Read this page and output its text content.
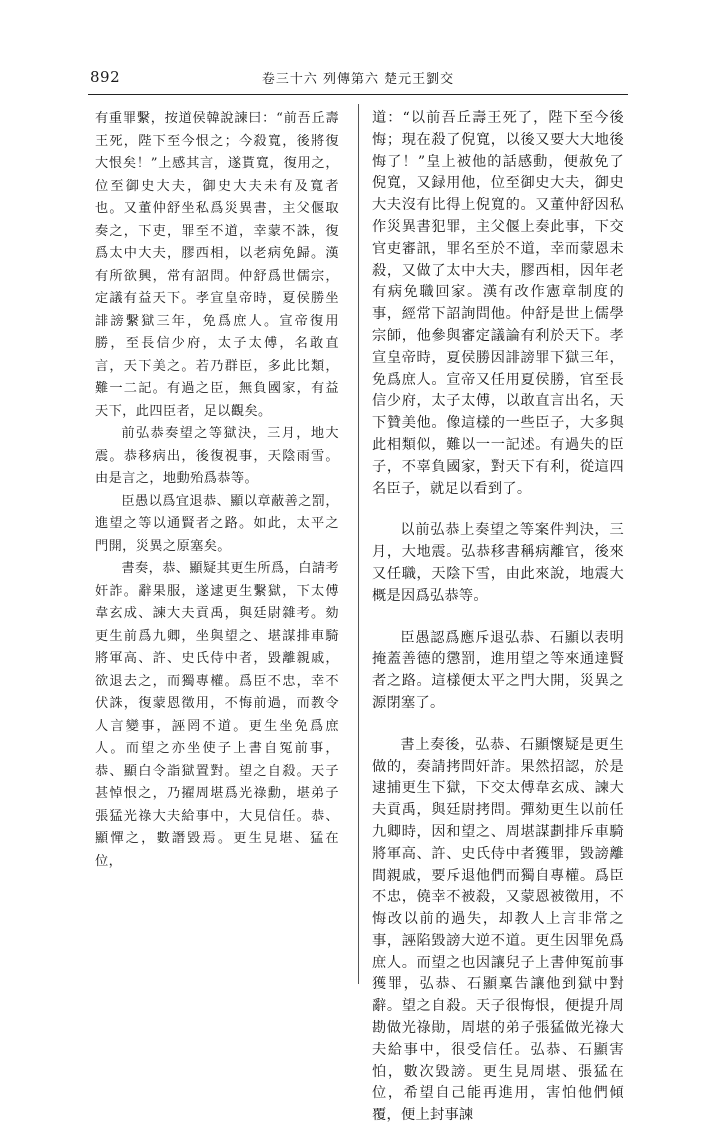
892	卷三十六 列傳第六 楚元王劉交

有重罪繫，按道侯韓說諫曰：“前吾丘壽王死，陛下至今恨之；今殺寬，後將復大恨矣！”上感其言，遂貰寬，復用之，位至御史大夫，御史大夫未有及寬者也。又董仲舒坐私爲災異書，主父偃取奏之，下吏，罪至不道，幸蒙不誅，復爲太中大夫，膠西相，以老病免歸。漢有所欲興，常有詔問。仲舒爲世儒宗，定議有益天下。孝宣皇帝時，夏侯勝坐誹謗繫獄三年，免爲庶人。宣帝復用勝，至長信少府，太子太傅，名敢直言，天下美之。若乃群臣，多此比類，難一二記。有過之臣，無負國家，有益天下，此四臣者，足以觀矣。

前弘恭奏望之等獄決，三月，地大震。恭移病出，後復視事，天陰雨雪。由是言之，地動殆爲恭等。

臣愚以爲宜退恭、顯以章蔽善之罰，進望之等以通賢者之路。如此，太平之門開，災異之原塞矣。

書奏，恭、顯疑其更生所爲，白請考奸詐。辭果服，遂逮更生繫獄，下太傅韋玄成、諫大夫貢禹，與廷尉雜考。劾更生前爲九卿，坐與望之、堪謀排車騎將軍高、許、史氏侍中者，毀離親戚，欲退去之，而獨專權。爲臣不忠，幸不伏誅，復蒙恩徵用，不悔前過，而教令人言變事，誣罔不道。更生坐免爲庶人。而望之亦坐使子上書自冤前事，恭、顯白令詣獄置對。望之自殺。天子甚悼恨之，乃擢周堪爲光祿勳，堪弟子張猛光祿大夫給事中，大見信任。恭、顯憚之，數譖毀焉。更生見堪、猛在位，

道：“以前吾丘壽王死了，陛下至今後悔；現在殺了倪寬，以後又要大大地後悔了！”皇上被他的話感動，便赦免了倪寬，又録用他，位至御史大夫，御史大夫沒有比得上倪寬的。又董仲舒因私作災異書犯罪，主父偃上奏此事，下交官吏審訊，罪名至於不道，幸而蒙恩未殺，又做了太中大夫，膠西相，因年老有病免職回家。漢有改作憲章制度的事，經常下詔詢問他。仲舒是世上儒學宗師，他參與審定議論有利於天下。孝宣皇帝時，夏侯勝因誹謗罪下獄三年，免爲庶人。宣帝又任用夏侯勝，官至長信少府，太子太傅，以敢直言出名，天下贊美他。像這樣的一些臣子，大多與此相類似，難以一一記述。有過失的臣子，不辜負國家，對天下有利，從這四名臣子，就足以看到了。

以前弘恭上奏望之等案件判決，三月，大地震。弘恭移書稱病離官，後來又任職，天陰下雪，由此來說，地震大概是因爲弘恭等。

臣愚認爲應斥退弘恭、石顯以表明掩蓋善德的懲罰，進用望之等來通達賢者之路。這樣便太平之門大開，災異之源閉塞了。

書上奏後，弘恭、石顯懷疑是更生做的，奏請拷問奸詐。果然招認，於是逮捕更生下獄，下交太傅韋玄成、諫大夫貢禹，與廷尉拷問。彈劾更生以前任九卿時，因和望之、周堪謀劃排斥車騎將軍高、許、史氏侍中者獲罪，毀謗離間親戚，要斥退他們而獨自專權。爲臣不忠，僥幸不被殺，又蒙恩被徵用，不悔改以前的過失，却教人上言非常之事，誣陷毀謗大逆不道。更生因罪免爲庶人。而望之也因讓兒子上書伸冤前事獲罪，弘恭、石顯稟告讓他到獄中對辭。望之自殺。天子很悔恨，便提升周勘做光祿勛，周堪的弟子張猛做光祿大夫給事中，很受信任。弘恭、石顯害怕，數次毀謗。更生見周堪、張猛在位，希望自己能再進用，害怕他們傾覆，便上封事諫
